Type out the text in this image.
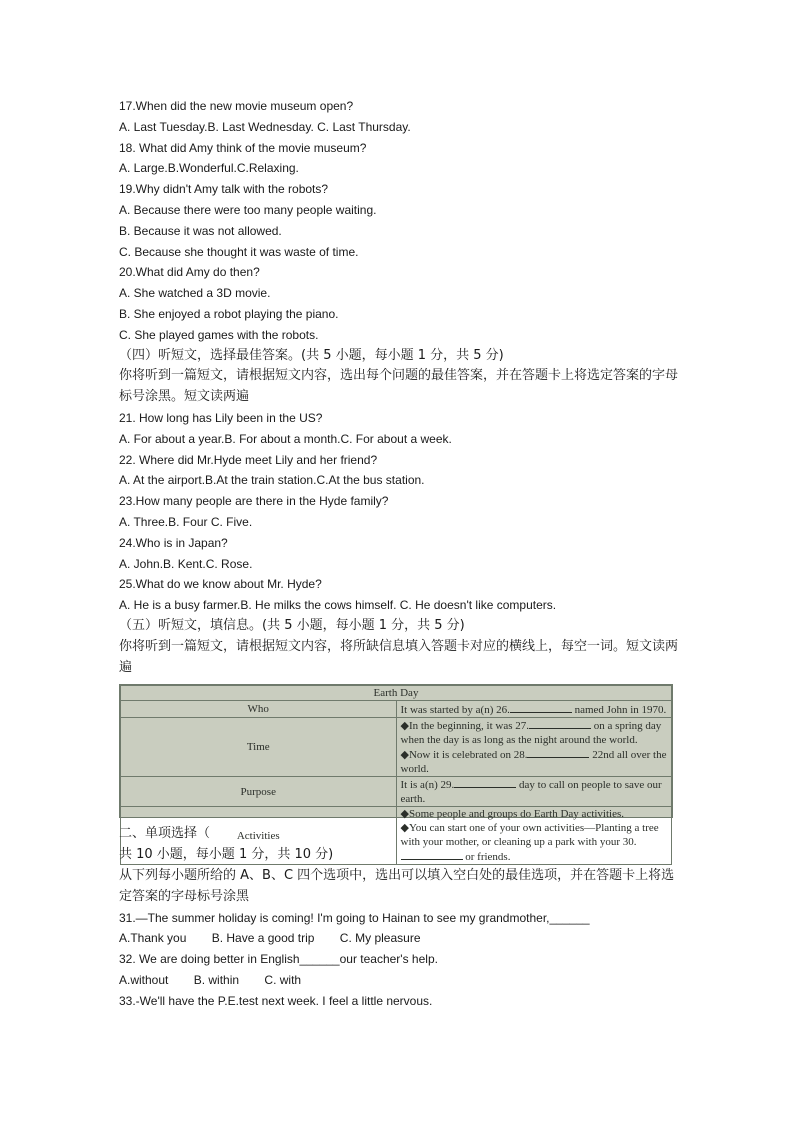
17.When did the new movie museum open?
A. Last Tuesday.B. Last Wednesday. C. Last Thursday.
18. What did Amy think of the movie museum?
A. Large.B.Wonderful.C.Relaxing.
19.Why didn't Amy talk with the robots?
A. Because there were too many people waiting.
B. Because it was not allowed.
C. Because she thought it was waste of time.
20.What did Amy do then?
A. She watched a 3D movie.
B. She enjoyed a robot playing the piano.
C. She played games with the robots.
（四）听短文，选择最佳答案。(共 5 小题，每小题 1 分，共 5 分)
你将听到一篇短文，请根据短文内容，选出每个问题的最佳答案，并在答题卡上将选定答案的字母标号涂黑。短文读两遍
21. How long has Lily been in the US?
A. For about a year.B. For about a month.C. For about a week.
22. Where did Mr.Hyde meet Lily and her friend?
A. At the airport.B.At the train station.C.At the bus station.
23.How many people are there in the Hyde family?
A. Three.B. Four C. Five.
24.Who is in Japan?
A. John.B. Kent.C. Rose.
25.What do we know about Mr. Hyde?
A. He is a busy farmer.B. He milks the cows himself. C. He doesn't like computers.
（五）听短文，填信息。(共 5 小题，每小题 1 分，共 5 分)
你将听到一篇短文，请根据短文内容，将所缺信息填入答题卡对应的横线上，每空一词。短文读两遍
Earth Day	
Who	It was started by a(n) 26. named John in 1970.
Time	◆In the beginning, it was 27. on a spring day when the day is as long as the night around the world.
◆Now it is celebrated on 28. 22nd all over the world.

Purpose	It is a(n) 29. day to call on people to save our earth.
Activities	◆Some people and groups do Earth Day activities.
◆You can start one of your own activities—Planting a tree with your mother, or cleaning up a park with your 30. or friends.
二、单项选择（
共 10 小题，每小题 1 分，共 10 分)
从下列每小题所给的 A、B、C 四个选项中，选出可以填入空白处的最佳选项，并在答题卡上将选定答案的字母标号涂黑
31.—The summer holiday is coming! I'm going to Hainan to see my grandmother,______
A.Thank you B. Have a good trip C. My pleasure
32. We are doing better in English______our teacher's help.
A.without B. within C. with
33.-We'll have the P.E.test next week. I feel a little nervous.
